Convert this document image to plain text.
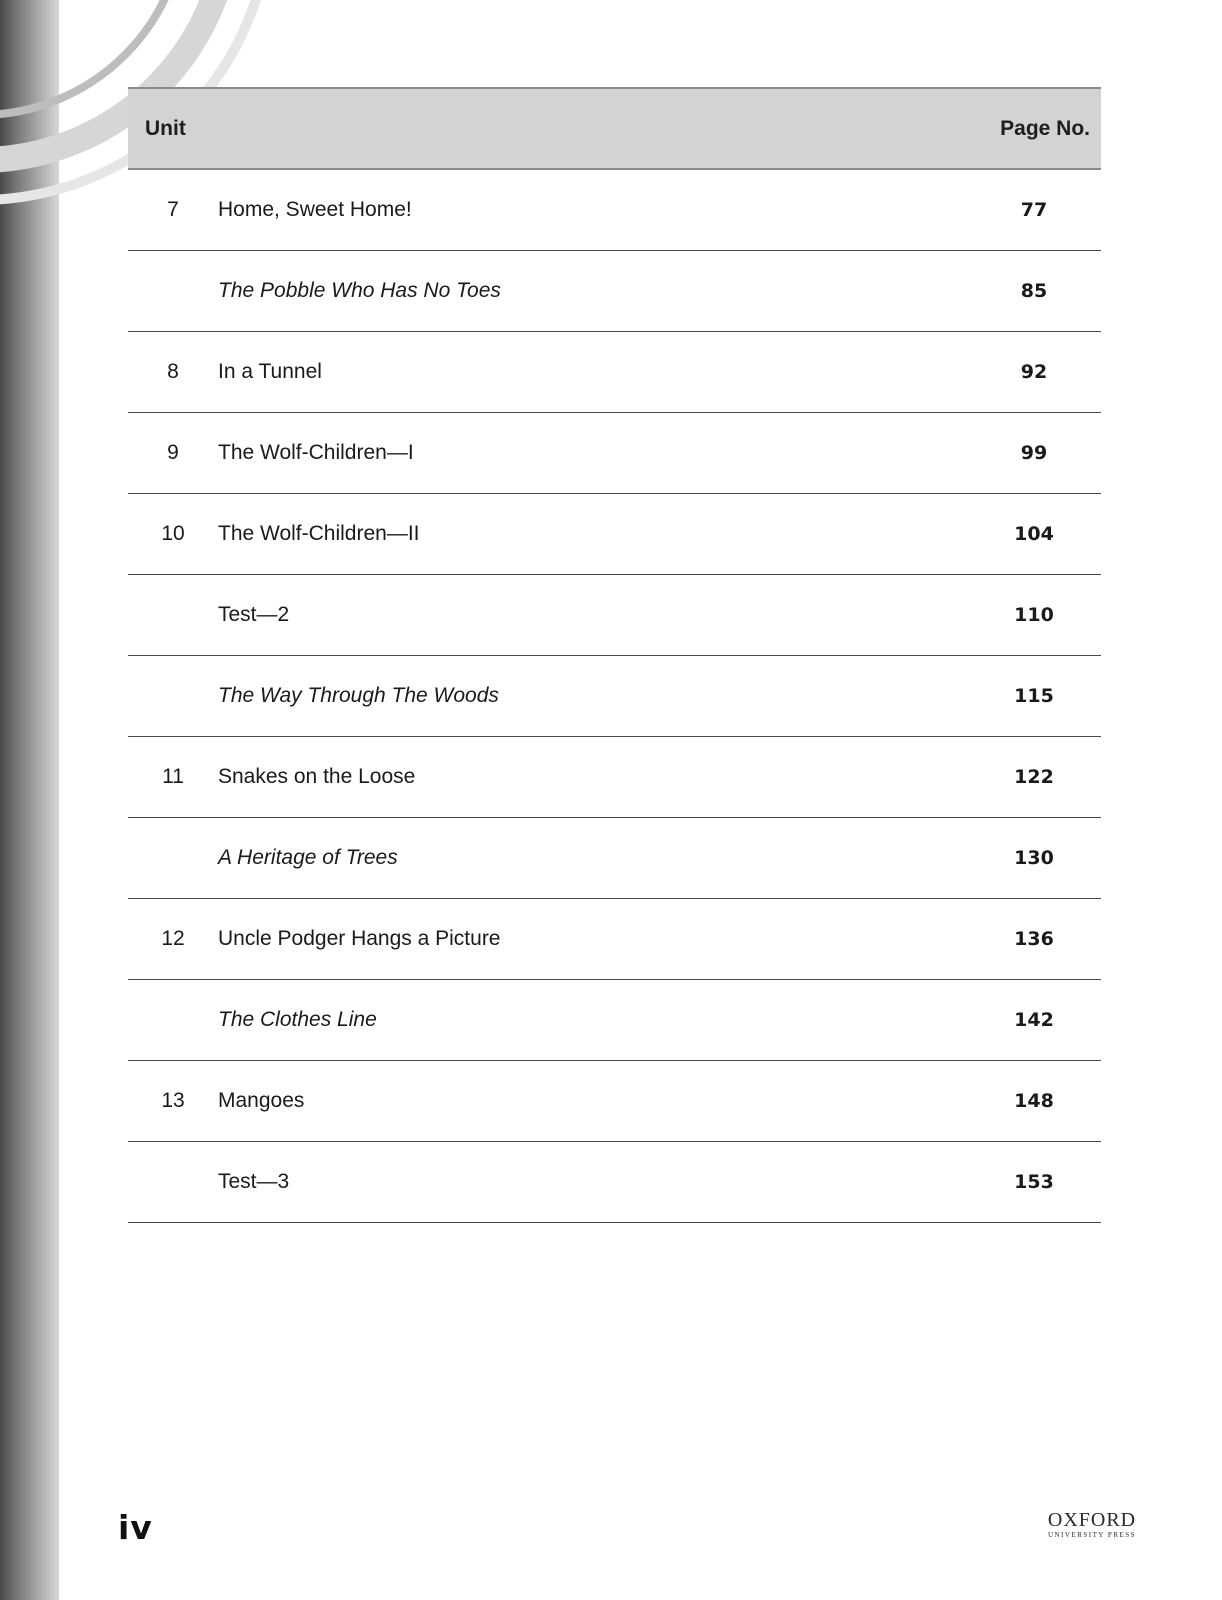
Unit		Page No.
7	Home, Sweet Home!	77
	The Pobble Who Has No Toes	85
8	In a Tunnel	92
9	The Wolf-Children—I	99
10	The Wolf-Children—II	104
	Test—2	110
	The Way Through The Woods	115
11	Snakes on the Loose	122
	A Heritage of Trees	130
12	Uncle Podger Hangs a Picture	136
	The Clothes Line	142
13	Mangoes	148
	Test—3	153
iv	OXFORD
UNIVERSITY PRESS
